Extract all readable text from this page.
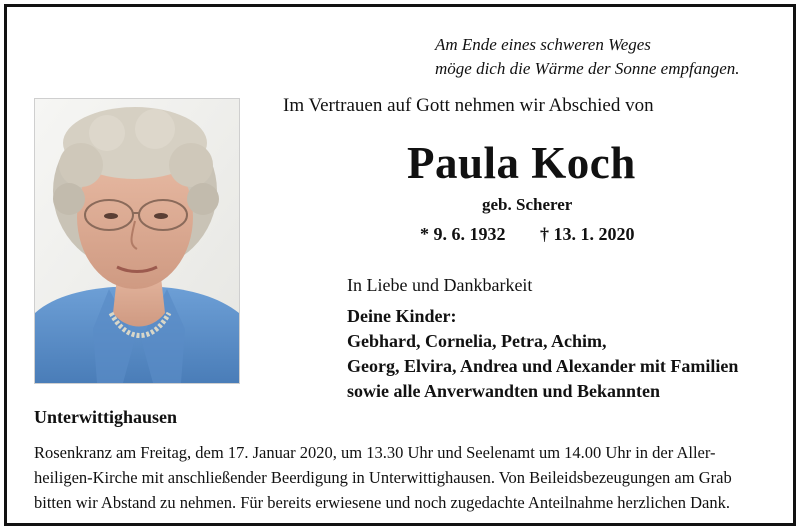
Am Ende eines schweren Weges
möge dich die Wärme der Sonne empfangen.
Im Vertrauen auf Gott nehmen wir Abschied von
Paula Koch
geb. Scherer
* 9. 6. 1932 † 13. 1. 2020
In Liebe und Dankbarkeit
Deine Kinder:
Gebhard, Cornelia, Petra, Achim,
Georg, Elvira, Andrea und Alexander mit Familien
sowie alle Anverwandten und Bekannten
Unterwittighausen
Rosenkranz am Freitag, dem 17. Januar 2020, um 13.30 Uhr und Seelenamt um 14.00 Uhr in der Aller-
heiligen-Kirche mit anschließender Beerdigung in Unterwittighausen. Von Beileidsbezeugungen am Grab
bitten wir Abstand zu nehmen. Für bereits erwiesene und noch zugedachte Anteilnahme herzlichen Dank.
